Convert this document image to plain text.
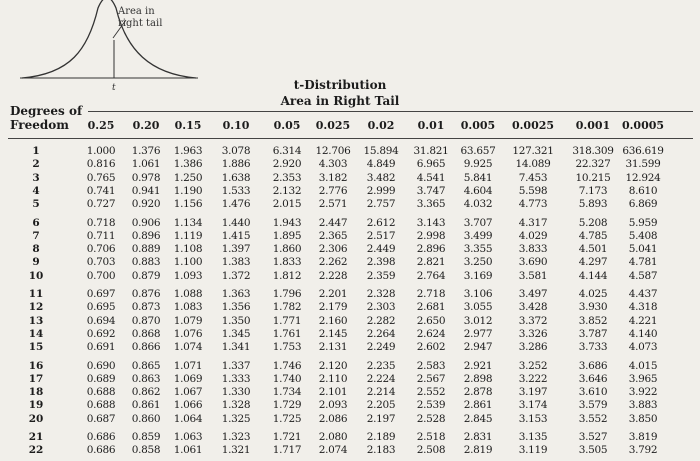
t
Area in right tail
t-Distribution
Area in Right Tail
Degrees of Freedom	0.25	0.20	0.15	0.10	0.05	0.025	0.02	0.01	0.005	0.0025	0.001	0.0005
1	1.000	1.376	1.963	3.078	6.314	12.706	15.894	31.821	63.657	127.321	318.309 636.619
2	0.816	1.061	1.386	1.886	2.920	4.303	4.849	6.965	9.925	14.089	22.327	31.599
3	0.765	0.978	1.250	1.638	2.353	3.182	3.482	4.541	5.841	7.453	10.215	12.924
4	0.741	0.941	1.190	1.533	2.132	2.776	2.999	3.747	4.604	5.598	7.173	8.610
5	0.727	0.920	1.156	1.476	2.015	2.571	2.757	3.365	4.032	4.773	5.893	6.869
6	0.718	0.906	1.134	1.440	1.943	2.447	2.612	3.143	3.707	4.317	5.208	5.959
7	0.711	0.896	1.119	1.415	1.895	2.365	2.517	2.998	3.499	4.029	4.785	5.408
8	0.706	0.889	1.108	1.397	1.860	2.306	2.449	2.896	3.355	3.833	4.501	5.041
9	0.703	0.883	1.100	1.383	1.833	2.262	2.398	2.821	3.250	3.690	4.297	4.781
10	0.700	0.879	1.093	1.372	1.812	2.228	2.359	2.764	3.169	3.581	4.144	4.587
11	0.697	0.876	1.088	1.363	1.796	2.201	2.328	2.718	3.106	3.497	4.025	4.437
12	0.695	0.873	1.083	1.356	1.782	2.179	2.303	2.681	3.055	3.428	3.930	4.318
13	0.694	0.870	1.079	1.350	1.771	2.160	2.282	2.650	3.012	3.372	3.852	4.221
14	0.692	0.868	1.076	1.345	1.761	2.145	2.264	2.624	2.977	3.326	3.787	4.140
15	0.691	0.866	1.074	1.341	1.753	2.131	2.249	2.602	2.947	3.286	3.733	4.073
16	0.690	0.865	1.071	1.337	1.746	2.120	2.235	2.583	2.921	3.252	3.686	4.015
17	0.689	0.863	1.069	1.333	1.740	2.110	2.224	2.567	2.898	3.222	3.646	3.965
18	0.688	0.862	1.067	1.330	1.734	2.101	2.214	2.552	2.878	3.197	3.610	3.922
19	0.688	0.861	1.066	1.328	1.729	2.093	2.205	2.539	2.861	3.174	3.579	3.883
20	0.687	0.860	1.064	1.325	1.725	2.086	2.197	2.528	2.845	3.153	3.552	3.850
21	0.686	0.859	1.063	1.323	1.721	2.080	2.189	2.518	2.831	3.135	3.527	3.819
22	0.686	0.858	1.061	1.321	1.717	2.074	2.183	2.508	2.819	3.119	3.505	3.792
